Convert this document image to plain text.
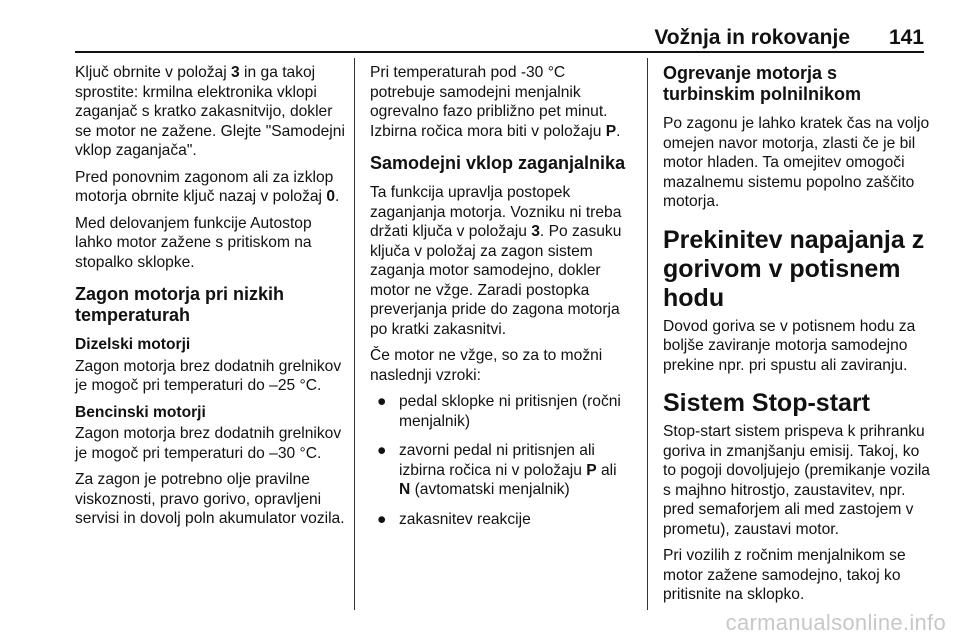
Vožnja in rokovanje 141

Ključ obrnite v položaj 3 in ga takoj sprostite: krmilna elektronika vklopi zaganjač s kratko zakasnitvijo, dokler se motor ne zažene. Glejte "Samodejni vklop zaganjača".

Pred ponovnim zagonom ali za izklop motorja obrnite ključ nazaj v položaj 0.

Med delovanjem funkcije Autostop lahko motor zažene s pritiskom na stopalko sklopke.

Zagon motorja pri nizkih temperaturah
Dizelski motorji

Zagon motorja brez dodatnih grelnikov je mogoč pri temperaturi do –25 °C.

Bencinski motorji

Zagon motorja brez dodatnih grelnikov je mogoč pri temperaturi do –30 °C.

Za zagon je potrebno olje pravilne viskoznosti, pravo gorivo, opravljeni servisi in dovolj poln akumulator vozila.

Pri temperaturah pod -30 °C potrebuje samodejni menjalnik ogrevalno fazo približno pet minut. Izbirna ročica mora biti v položaju P.

Samodejni vklop zaganjalnika

Ta funkcija upravlja postopek zaganjanja motorja. Vozniku ni treba držati ključa v položaju 3. Po zasuku ključa v položaj za zagon sistem zaganja motor samodejno, dokler motor ne vžge. Zaradi postopka preverjanja pride do zagona motorja po kratki zakasnitvi.

Če motor ne vžge, so za to možni naslednji vzroki:

● pedal sklopke ni pritisnjen (ročni menjalnik)
● zavorni pedal ni pritisnjen ali izbirna ročica ni v položaju P ali N (avtomatski menjalnik)
● zakasnitev reakcije
Ogrevanje motorja s turbinskim polnilnikom

Po zagonu je lahko kratek čas na voljo omejen navor motorja, zlasti če je bil motor hladen. Ta omejitev omogoči mazalnemu sistemu popolno zaščito motorja.

Prekinitev napajanja z gorivom v potisnem hodu

Dovod goriva se v potisnem hodu za boljše zaviranje motorja samodejno prekine npr. pri spustu ali zaviranju.

Sistem Stop-start

Stop-start sistem prispeva k prihranku goriva in zmanjšanju emisij. Takoj, ko to pogoji dovoljujejo (premikanje vozila s majhno hitrostjo, zaustavitev, npr. pred semaforjem ali med zastojem v prometu), zaustavi motor.

Pri vozilih z ročnim menjalnikom se motor zažene samodejno, takoj ko pritisnite na sklopko.

carmanualsonline.info
